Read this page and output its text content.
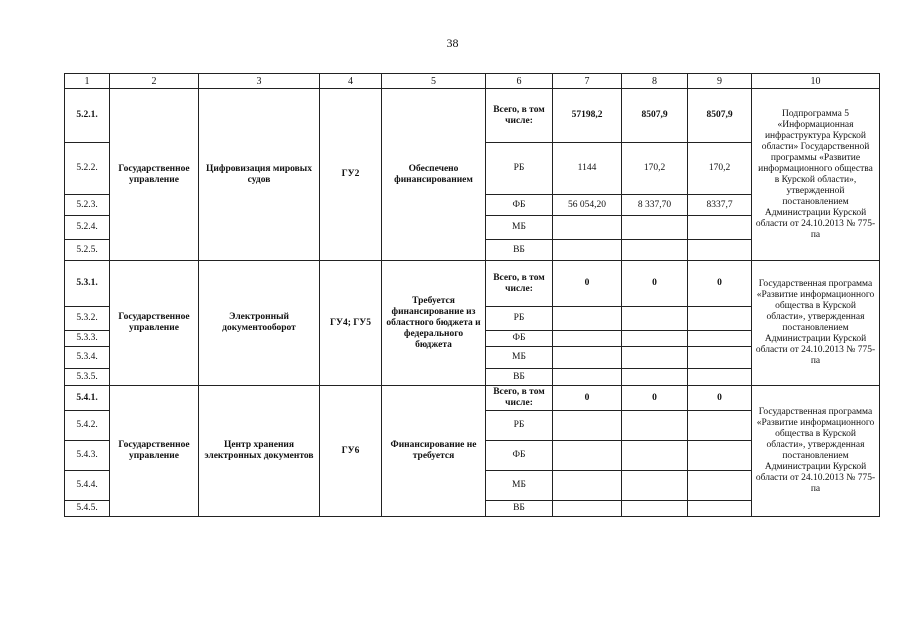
38
1	2	3	4	5	6	7	8	9	10
5.2.1.	Государственное управление	Цифровизация мировых судов	ГУ2	Обеспечено финансированием	Всего, в том числе:	57198,2	8507,9	8507,9	Подпрограмма 5 «Информационная инфраструктура Курской области» Государственной программы «Развитие информационного общества в Курской области», утвержденной постановлением Администрации Курской области от 24.10.2013 № 775-па
5.2.2.					РБ	1144	170,2	170,2	
5.2.3.					ФБ	56 054,20	8 337,70	8337,7	
5.2.4.					МБ				
5.2.5.					ВБ				
5.3.1.	Государственное управление	Электронный документооборот	ГУ4; ГУ5	Требуется финансирование из областного бюджета и федерального бюджета	Всего, в том числе:	0	0	0	Государственная программа «Развитие информационного общества в Курской области», утвержденная постановлением Администрации Курской области от 24.10.2013 № 775-па
5.3.2.					РБ				
5.3.3.					ФБ				
5.3.4.					МБ				
5.3.5.					ВБ				
5.4.1.	Государственное управление	Центр хранения электронных документов	ГУ6	Финансирование не требуется	Всего, в том числе:	0	0	0	Государственная программа «Развитие информационного общества в Курской области», утвержденная постановлением Администрации Курской области от 24.10.2013 № 775-па
5.4.2.					РБ				
5.4.3.					ФБ				
5.4.4.					МБ				
5.4.5.					ВБ				
